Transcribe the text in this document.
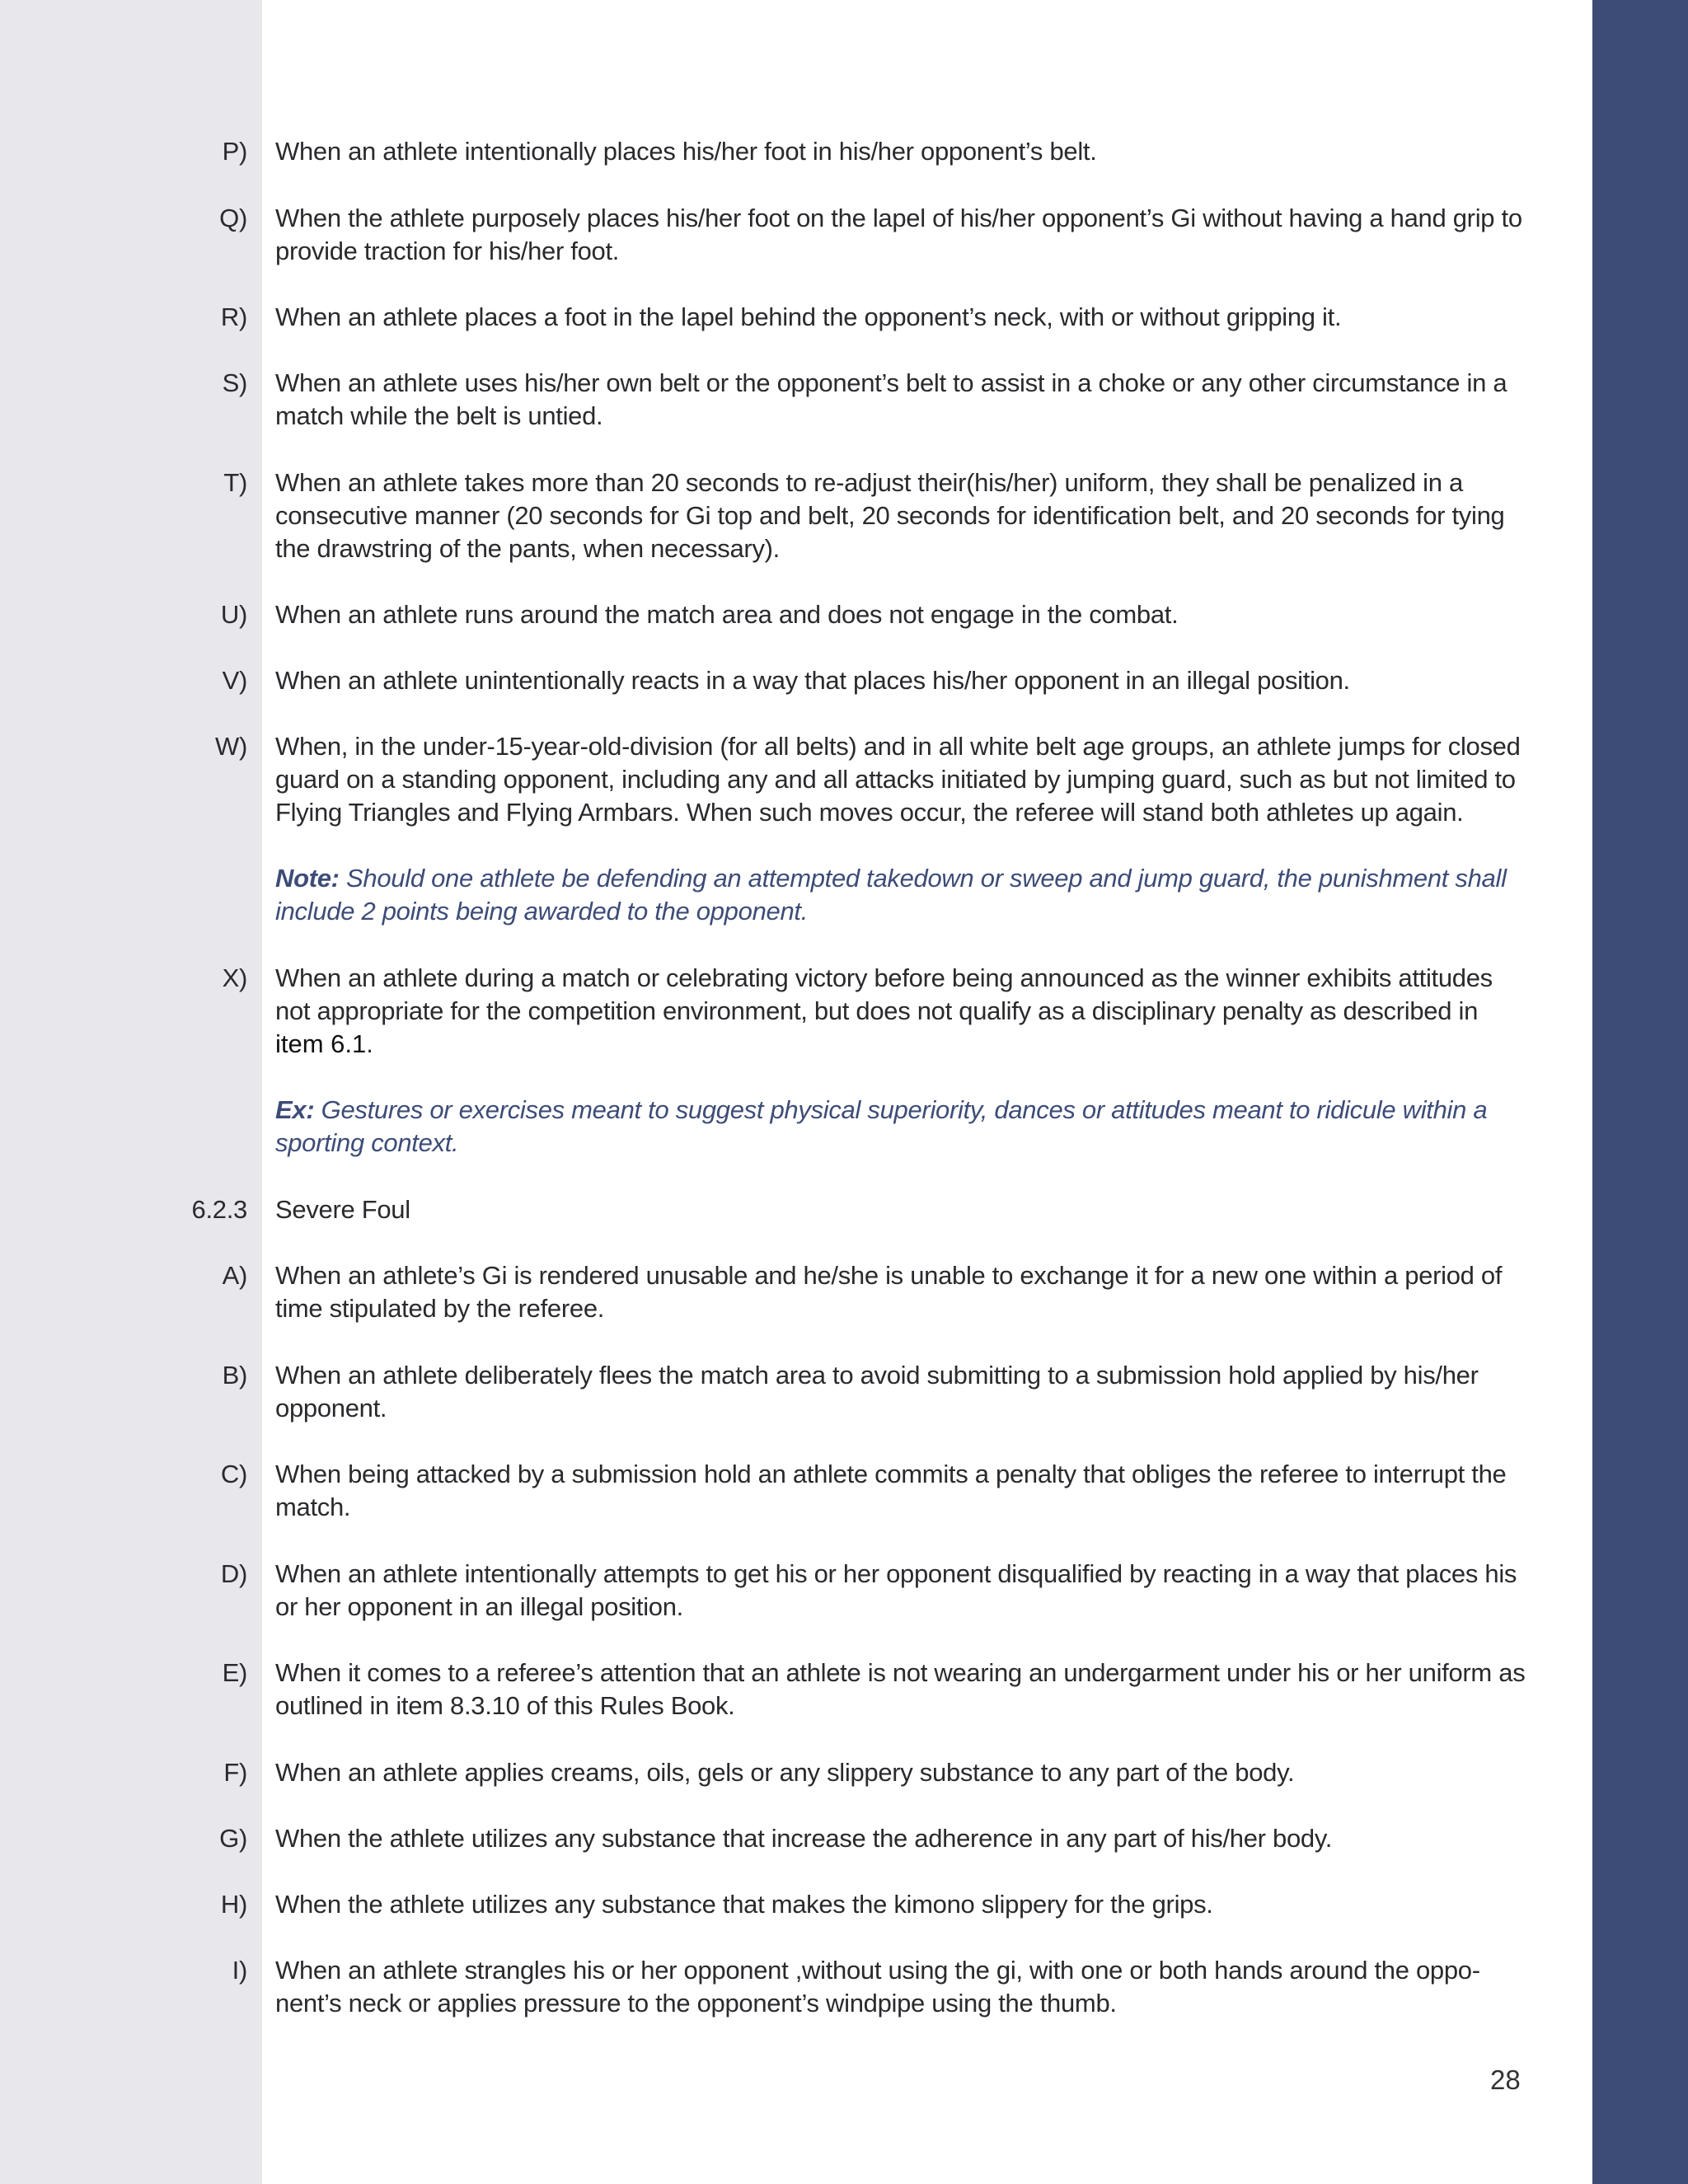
P) When an athlete intentionally places his/her foot in his/her opponent’s belt.
Q) When the athlete purposely places his/her foot on the lapel of his/her opponent’s Gi without having a hand grip to provide traction for his/her foot.
R) When an athlete places a foot in the lapel behind the opponent’s neck, with or without gripping it.
S) When an athlete uses his/her own belt or the opponent’s belt to assist in a choke or any other circumstance in a match while the belt is untied.
T) When an athlete takes more than 20 seconds to re-adjust their(his/her) uniform, they shall be penalized in a consecutive manner (20 seconds for Gi top and belt, 20 seconds for identification belt, and 20 seconds for tying the drawstring of the pants, when necessary).
U) When an athlete runs around the match area and does not engage in the combat.
V) When an athlete unintentionally reacts in a way that places his/her opponent in an illegal position.
W) When, in the under-15-year-old-division (for all belts) and in all white belt age groups, an athlete jumps for closed guard on a standing opponent, including any and all attacks initiated by jumping guard, such as but not limited to Flying Triangles and Flying Armbars. When such moves occur, the referee will stand both athletes up again.
Note: Should one athlete be defending an attempted takedown or sweep and jump guard, the punishment shall include 2 points being awarded to the opponent.
X) When an athlete during a match or celebrating victory before being announced as the winner exhibits attitudes not appropriate for the competition environment, but does not qualify as a disciplinary penalty as described in item 6.1.
Ex: Gestures or exercises meant to suggest physical superiority, dances or attitudes meant to ridicule within a sporting context.
6.2.3 Severe Foul
A) When an athlete’s Gi is rendered unusable and he/she is unable to exchange it for a new one within a period of time stipulated by the referee.
B) When an athlete deliberately flees the match area to avoid submitting to a submission hold applied by his/her opponent.
C) When being attacked by a submission hold an athlete commits a penalty that obliges the referee to interrupt the match.
D) When an athlete intentionally attempts to get his or her opponent disqualified by reacting in a way that places his or her opponent in an illegal position.
E) When it comes to a referee’s attention that an athlete is not wearing an undergarment under his or her uniform as outlined in item 8.3.10 of this Rules Book.
F) When an athlete applies creams, oils, gels or any slippery substance to any part of the body.
G) When the athlete utilizes any substance that increase the adherence in any part of his/her body.
H) When the athlete utilizes any substance that makes the kimono slippery for the grips.
I) When an athlete strangles his or her opponent ,without using the gi, with one or both hands around the oppo-nent’s neck or applies pressure to the opponent’s windpipe using the thumb.
28
